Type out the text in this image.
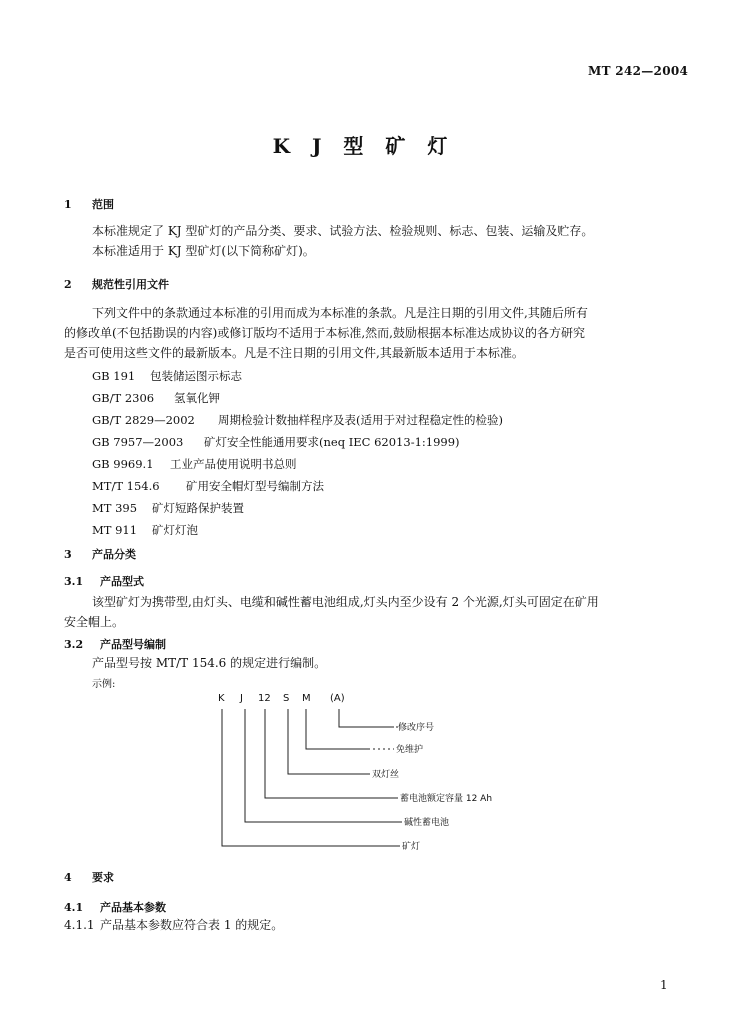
MT 242—2004
KJ型矿灯
1 范围
本标准规定了 KJ 型矿灯的产品分类、要求、试验方法、检验规则、标志、包装、运输及贮存。
本标准适用于 KJ 型矿灯(以下简称矿灯)。
2 规范性引用文件
下列文件中的条款通过本标准的引用而成为本标准的条款。凡是注日期的引用文件,其随后所有
的修改单(不包括勘误的内容)或修订版均不适用于本标准,然而,鼓励根据本标准达成协议的各方研究
是否可使用这些文件的最新版本。凡是不注日期的引用文件,其最新版本适用于本标准。
GB 191 包装储运图示标志
GB/T 2306 氢氧化钾
GB/T 2829—2002 周期检验计数抽样程序及表(适用于对过程稳定性的检验)
GB 7957—2003 矿灯安全性能通用要求(neq IEC 62013-1:1999)
GB 9969.1 工业产品使用说明书总则
MT/T 154.6 矿用安全帽灯型号编制方法
MT 395 矿灯短路保护装置
MT 911 矿灯灯泡
3 产品分类
3.1 产品型式
该型矿灯为携带型,由灯头、电缆和碱性蓄电池组成,灯头内至少设有 2 个光源,灯头可固定在矿用
安全帽上。
3.2 产品型号编制
产品型号按 MT/T 154.6 的规定进行编制。
示例:
K J 12 S M (A)
修改序号
免维护
双灯丝
蓄电池额定容量 12 Ah
碱性蓄电池
矿灯
4 要求
4.1 产品基本参数
4.1.1 产品基本参数应符合表 1 的规定。
1
